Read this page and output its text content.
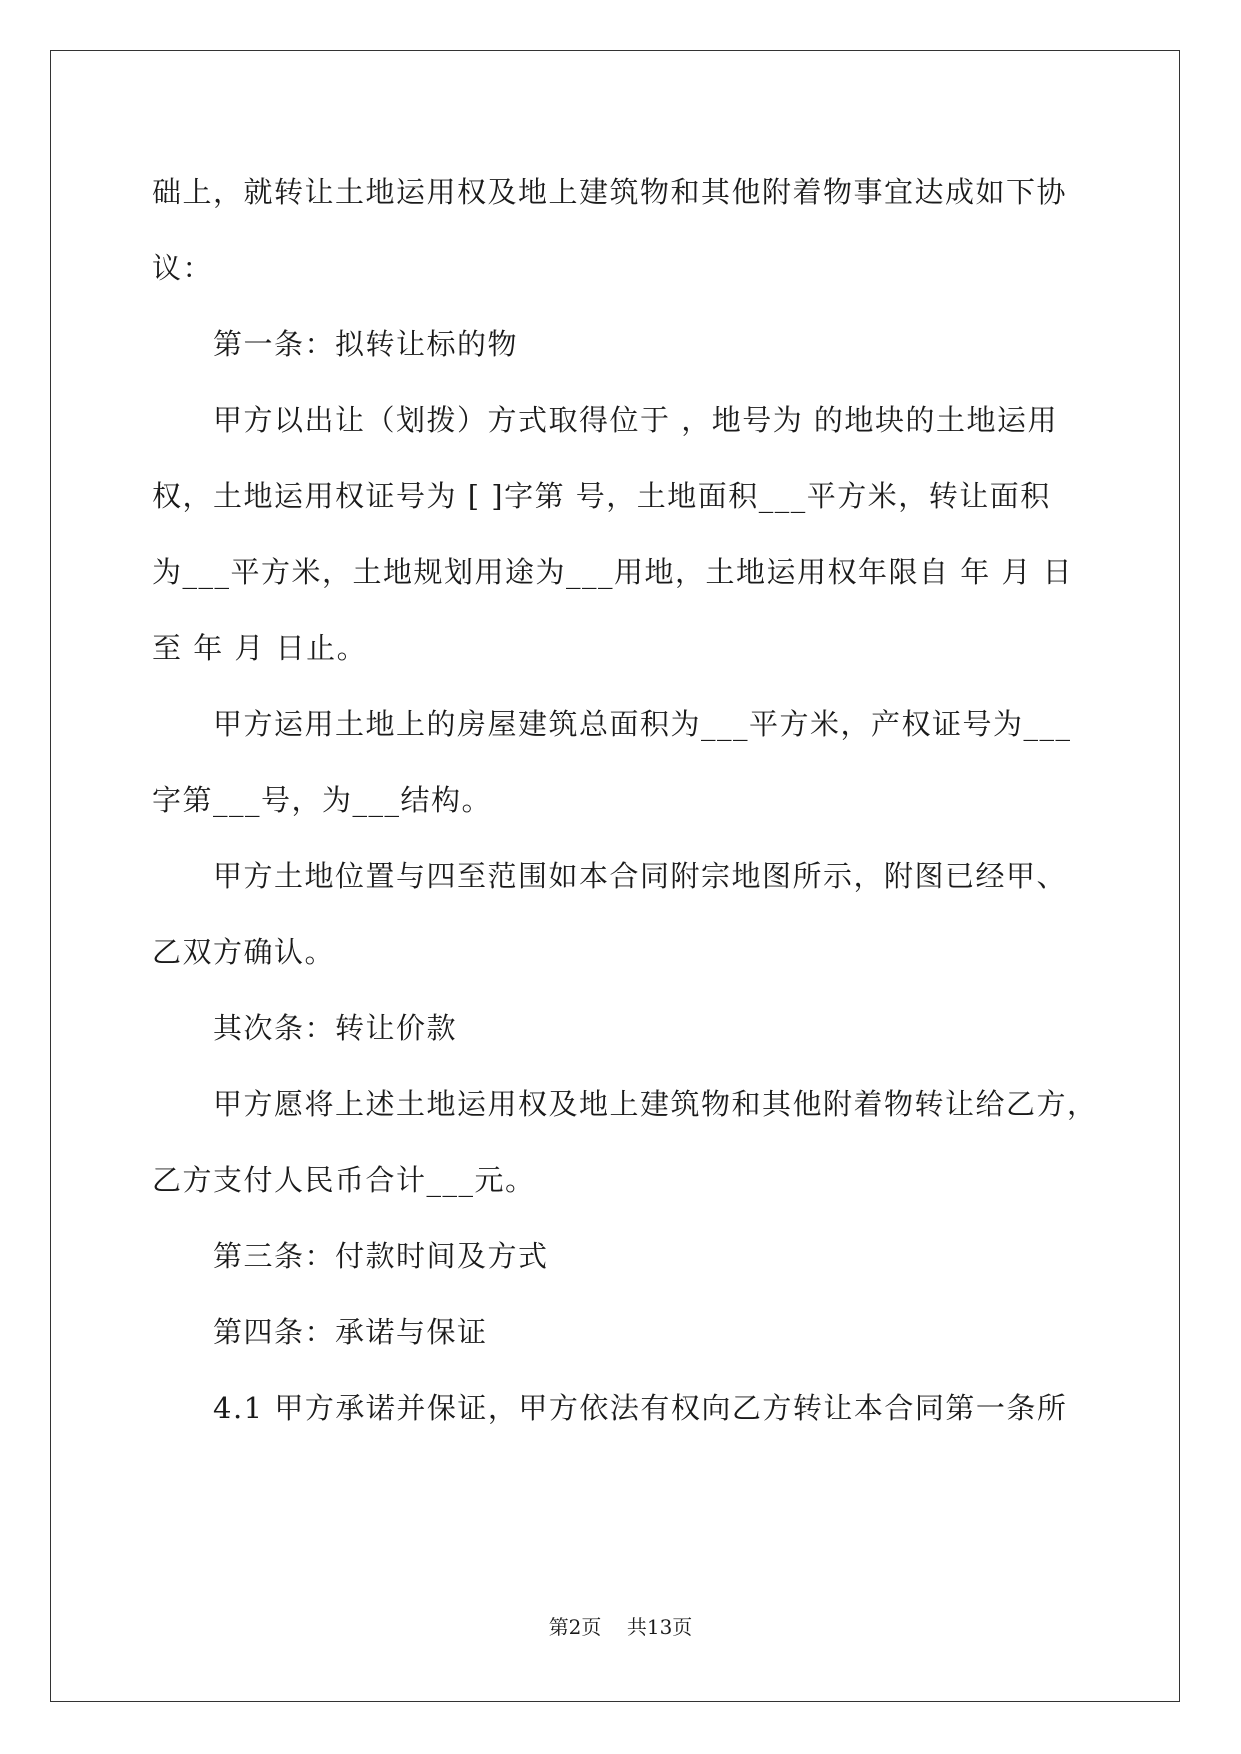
础上，就转让土地运用权及地上建筑物和其他附着物事宜达成如下协
议：
第一条：拟转让标的物
甲方以出让（划拨）方式取得位于 ，地号为 的地块的土地运用
权，土地运用权证号为 [ ]字第 号，土地面积___平方米，转让面积
为___平方米，土地规划用途为___用地，土地运用权年限自 年 月 日
至 年 月 日止。
甲方运用土地上的房屋建筑总面积为___平方米，产权证号为___
字第___号，为___结构。
甲方土地位置与四至范围如本合同附宗地图所示，附图已经甲、
乙双方确认。
其次条：转让价款
甲方愿将上述土地运用权及地上建筑物和其他附着物转让给乙方，
乙方支付人民币合计___元。
第三条：付款时间及方式
第四条：承诺与保证
4.1 甲方承诺并保证，甲方依法有权向乙方转让本合同第一条所
第2页 共13页
